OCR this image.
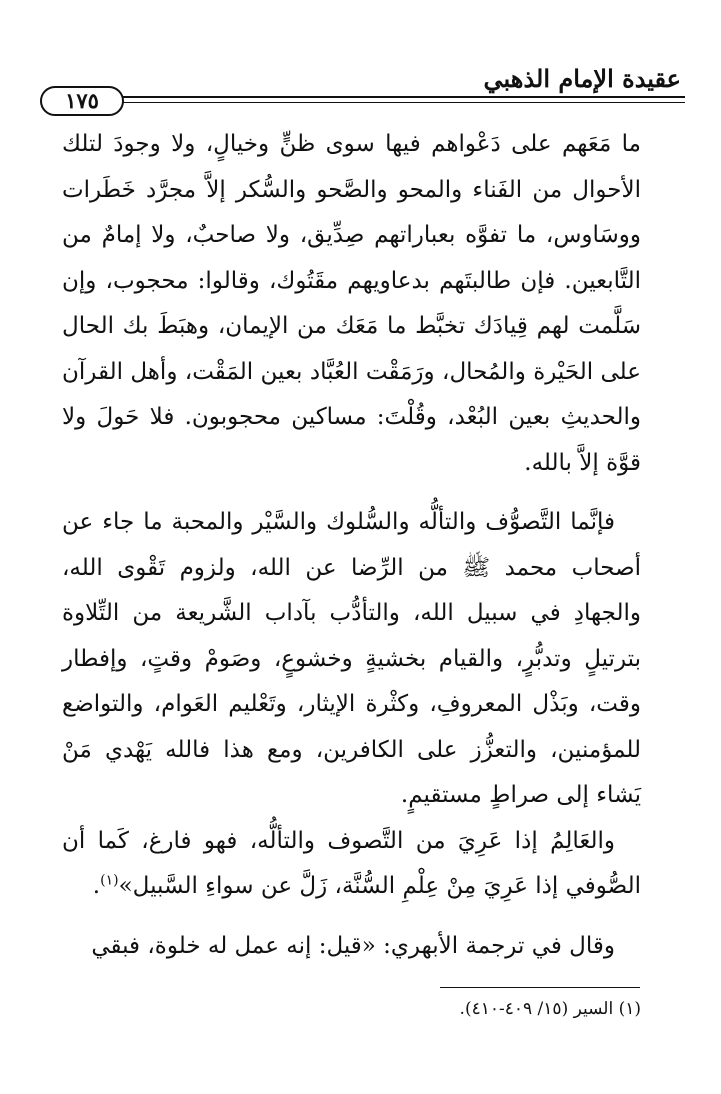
عقيدة الإمام الذهبي
١٧٥

ما مَعَهم على دَعْواهم فيها سوى ظنٍّ وخيالٍ، ولا وجودَ لتلك الأحوال من الفَناء والمحو والصَّحو والسُّكر إلاَّ مجرَّد خَطَرات ووسَاوس، ما تفوَّه بعباراتهم صِدِّيق، ولا صاحبٌ، ولا إمامٌ من التَّابعين. فإن طالبتَهم بدعاويهم مقَتُوك، وقالوا: محجوب، وإن سَلَّمت لهم قِيادَك تخبَّط ما مَعَك من الإيمان، وهبَطَ بك الحال على الحَيْرة والمُحال، ورَمَقْت العُبَّاد بعين المَقْت، وأهل القرآن والحديثِ بعين البُعْد، وقُلْتَ: مساكين محجوبون. فلا حَولَ ولا قوَّة إلاَّ بالله.

فإنَّما التَّصوُّف والتألُّه والسُّلوك والسَّيْر والمحبة ما جاء عن أصحاب محمد ﷺ من الرِّضا عن الله، ولزوم تَقْوى الله، والجهادِ في سبيل الله، والتأدُّب بآداب الشَّريعة من التِّلاوة بترتيلٍ وتدبُّرٍ، والقيام بخشيةٍ وخشوعٍ، وصَومْ وقتٍ، وإفطار وقت، وبَذْل المعروفِ، وكثْرة الإيثار، وتَعْليم العَوام، والتواضع للمؤمنين، والتعزُّز على الكافرين، ومع هذا فالله يَهْدي مَنْ يَشاء إلى صراطٍ مستقيمٍ.

والعَالِمُ إذا عَرِيَ من التَّصوف والتألُّه، فهو فارغ، كَما أن الصُّوفي إذا عَرِيَ مِنْ عِلْمِ السُّنَّة، زَلَّ عن سواءِ السَّبيل»$^{(١)}$.

وقال في ترجمة الأبهري: «قيل: إنه عمل له خلوة، فبقي

(١) السير (١٥/ ٤٠٩-٤١٠).
